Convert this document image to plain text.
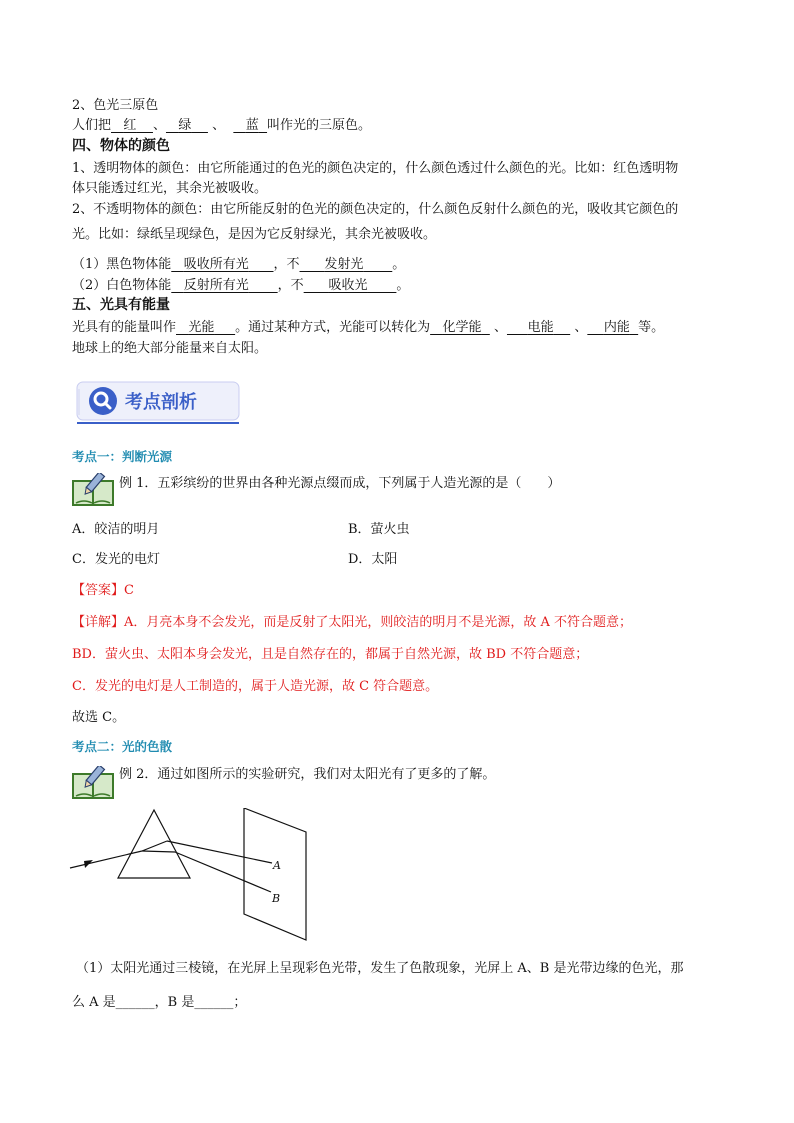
2、色光三原色
人们把 红 、 绿 、 蓝 叫作光的三原色。
四、物体的颜色
1、透明物体的颜色：由它所能通过的色光的颜色决定的，什么颜色透过什么颜色的光。比如：红色透明物
体只能透过红光，其余光被吸收。
2、不透明物体的颜色：由它所能反射的色光的颜色决定的，什么颜色反射什么颜色的光，吸收其它颜色的
光。比如：绿纸呈现绿色，是因为它反射绿光，其余光被吸收。
（1）黑色物体能 吸收所有光 ，不 发射光 。
（2）白色物体能 反射所有光 ，不 吸收光 。
五、光具有能量
光具有的能量叫作 光能 。通过某种方式，光能可以转化为 化学能 、 电能 、 内能 等。
地球上的绝大部分能量来自太阳。
考点剖析
考点一：判断光源
例 1．五彩缤纷的世界由各种光源点缀而成，下列属于人造光源的是（　　）
A．皎洁的明月	B．萤火虫
C．发光的电灯	D．太阳
【答案】C
【详解】A．月亮本身不会发光，而是反射了太阳光，则皎洁的明月不是光源，故 A 不符合题意；
BD．萤火虫、太阳本身会发光，且是自然存在的，都属于自然光源，故 BD 不符合题意；
C．发光的电灯是人工制造的，属于人造光源，故 C 符合题意。
故选 C。
考点二：光的色散
例 2．通过如图所示的实验研究，我们对太阳光有了更多的了解。
A
B
（1）太阳光通过三棱镜，在光屏上呈现彩色光带，发生了色散现象，光屏上 A、B 是光带边缘的色光，那
么 A 是______，B 是______；
